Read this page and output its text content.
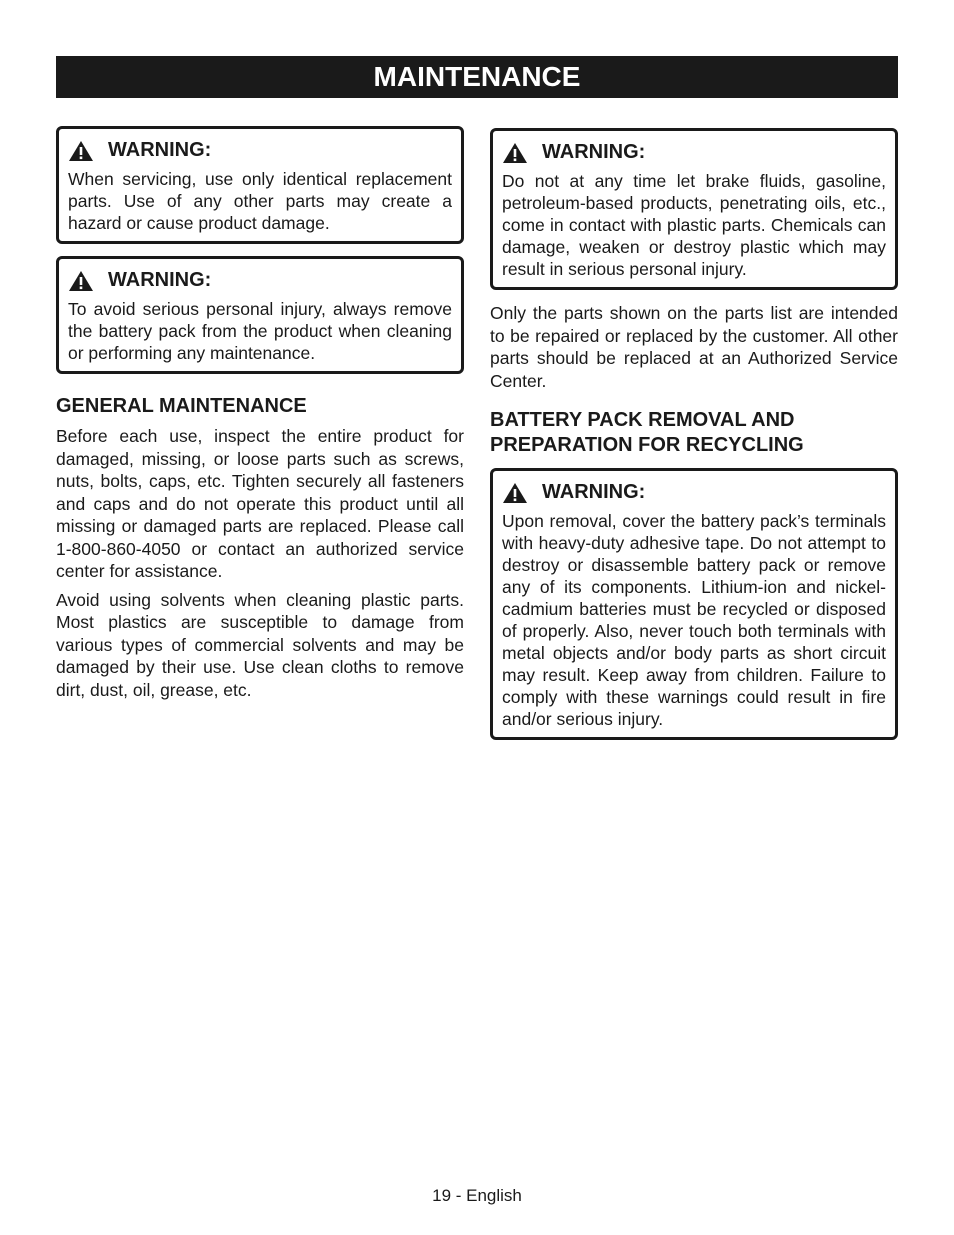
MAINTENANCE
WARNING:
When servicing, use only identical replacement parts. Use of any other parts may create a hazard or cause product damage.
WARNING:
To avoid serious personal injury, always remove the battery pack from the product when cleaning or performing any maintenance.
GENERAL MAINTENANCE

Before each use, inspect the entire product for damaged, missing, or loose parts such as screws, nuts, bolts, caps, etc. Tighten securely all fasteners and caps and do not operate this product until all missing or damaged parts are replaced. Please call 1-800-860-4050 or contact an authorized service center for assistance.

Avoid using solvents when cleaning plastic parts. Most plastics are susceptible to damage from various types of commercial solvents and may be damaged by their use. Use clean cloths to remove dirt, dust, oil, grease, etc.

WARNING:
Do not at any time let brake fluids, gasoline, petroleum-based products, penetrating oils, etc., come in contact with plastic parts. Chemicals can damage, weaken or destroy plastic which may result in serious personal injury.

Only the parts shown on the parts list are intended to be repaired or replaced by the customer. All other parts should be replaced at an Authorized Service Center.

BATTERY PACK REMOVAL AND PREPARATION FOR RECYCLING
WARNING:
Upon removal, cover the battery pack’s terminals with heavy-duty adhesive tape. Do not attempt to destroy or disassemble battery pack or remove any of its components. Lithium-ion and nickel-cadmium batteries must be recycled or disposed of properly. Also, never touch both terminals with metal objects and/or body parts as short circuit may result. Keep away from children. Failure to comply with these warnings could result in fire and/or serious injury.
19 - English
